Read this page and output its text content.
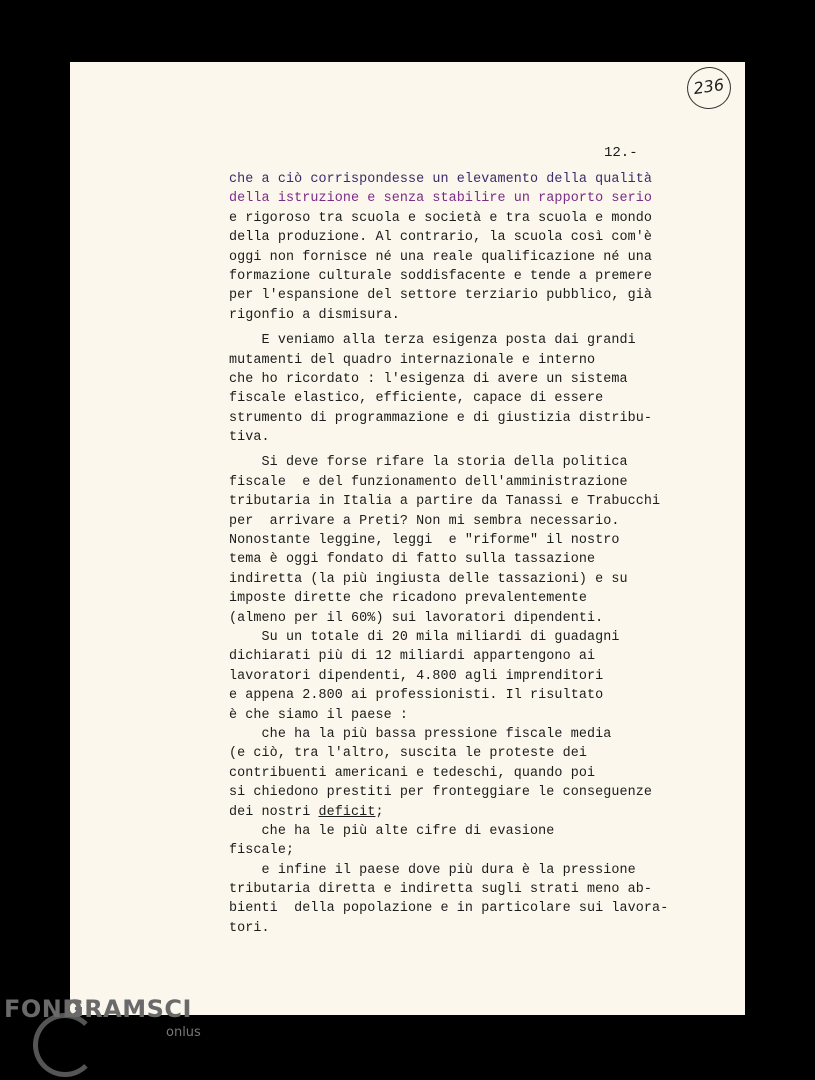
236
12.-
che a ciò corrispondesse un elevamento della qualità
della istruzione e senza stabilire un rapporto serio
e rigoroso tra scuola e società e tra scuola e mondo
della produzione. Al contrario, la scuola così com'è
oggi non fornisce né una reale qualificazione né una
formazione culturale soddisfacente e tende a premere
per l'espansione del settore terziario pubblico, già
rigonfio a dismisura.
E veniamo alla terza esigenza posta dai grandi
mutamenti del quadro internazionale e interno
che ho ricordato : l'esigenza di avere un sistema
fiscale elastico, efficiente, capace di essere
strumento di programmazione e di giustizia distribu-
tiva.
Si deve forse rifare la storia della politica
fiscale  e del funzionamento dell'amministrazione
tributaria in Italia a partire da Tanassi e Trabucchi
per  arrivare a Preti? Non mi sembra necessario.
Nonostante leggine, leggi  e "riforme" il nostro
tema è oggi fondato di fatto sulla tassazione
indiretta (la più ingiusta delle tassazioni) e su
imposte dirette che ricadono prevalentemente
(almeno per il 60%) sui lavoratori dipendenti.
Su un totale di 20 mila miliardi di guadagni
dichiarati più di 12 miliardi appartengono ai
lavoratori dipendenti, 4.800 agli imprenditori
e appena 2.800 ai professionisti. Il risultato
è che siamo il paese :
che ha la più bassa pressione fiscale media
(e ciò, tra l'altro, suscita le proteste dei
contribuenti americani e tedeschi, quando poi
si chiedono prestiti per fronteggiare le conseguenze
dei nostri deficit;
che ha le più alte cifre di evasione
fiscale;
e infine il paese dove più dura è la pressione
tributaria diretta e indiretta sugli strati meno ab-
bienti  della popolazione e in particolare sui lavora-
tori.
FOND
GRAMSCI
onlus
